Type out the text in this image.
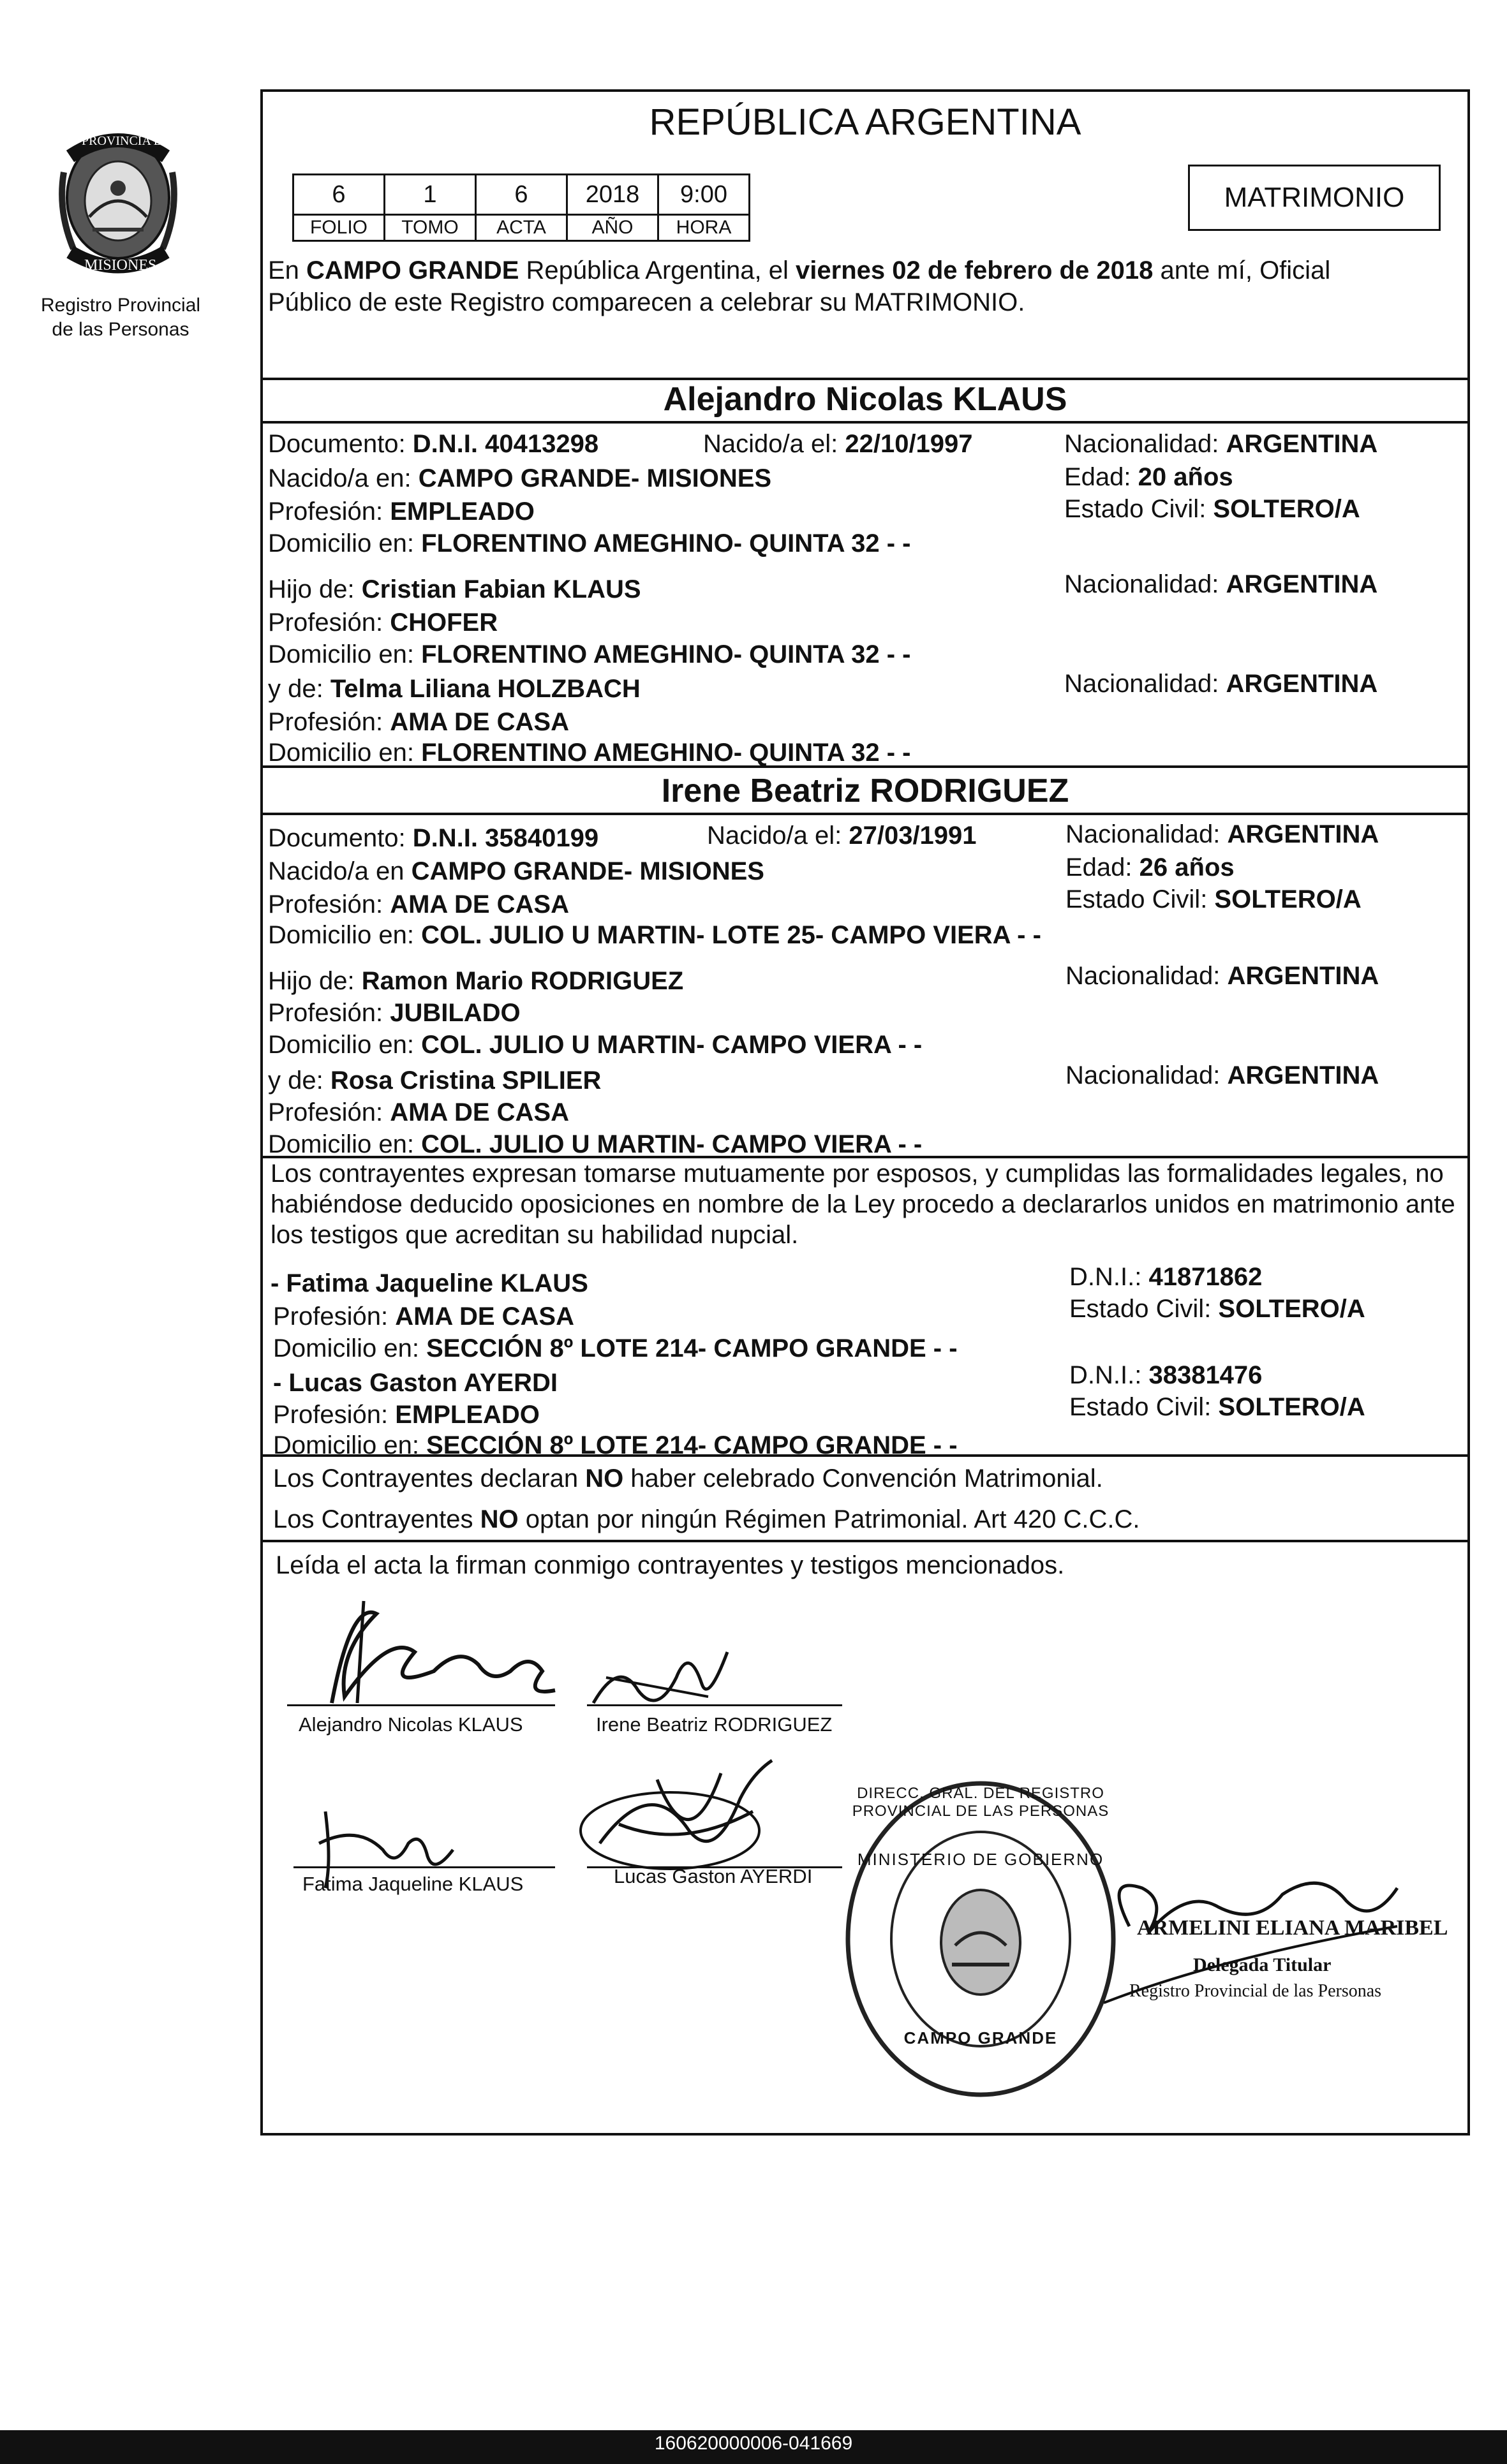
PROVINCIA DE
MISIONES
Registro Provincial
de las Personas
REPÚBLICA ARGENTINA
6	1	6	2018	9:00
FOLIO	TOMO	ACTA	AÑO	HORA
MATRIMONIO
En CAMPO GRANDE República Argentina, el viernes 02 de febrero de 2018 ante mí, Oficial
Público de este Registro comparecen a celebrar su MATRIMONIO.
Alejandro Nicolas KLAUS
Documento: D.N.I. 40413298	Nacido/a el: 22/10/1997	Nacionalidad: ARGENTINA
Nacido/a en: CAMPO GRANDE- MISIONES	Edad: 20 años
Profesión: EMPLEADO	Estado Civil: SOLTERO/A
Domicilio en: FLORENTINO AMEGHINO- QUINTA 32 - -
Hijo de: Cristian Fabian KLAUS	Nacionalidad: ARGENTINA
Profesión: CHOFER
Domicilio en: FLORENTINO AMEGHINO- QUINTA 32 - -
y de: Telma Liliana HOLZBACH	Nacionalidad: ARGENTINA
Profesión: AMA DE CASA
Domicilio en: FLORENTINO AMEGHINO- QUINTA 32 - -
Irene Beatriz RODRIGUEZ
Documento: D.N.I. 35840199	Nacido/a el: 27/03/1991	Nacionalidad: ARGENTINA
Nacido/a en CAMPO GRANDE- MISIONES	Edad: 26 años
Profesión: AMA DE CASA	Estado Civil: SOLTERO/A
Domicilio en: COL. JULIO U MARTIN- LOTE 25- CAMPO VIERA - -
Hijo de: Ramon Mario RODRIGUEZ	Nacionalidad: ARGENTINA
Profesión: JUBILADO
Domicilio en: COL. JULIO U MARTIN- CAMPO VIERA - -
y de: Rosa Cristina SPILIER	Nacionalidad: ARGENTINA
Profesión: AMA DE CASA
Domicilio en: COL. JULIO U MARTIN- CAMPO VIERA - -
Los contrayentes expresan tomarse mutuamente por esposos, y cumplidas las formalidades legales, no
habiéndose deducido oposiciones en nombre de la Ley procedo a declararlos unidos en matrimonio ante
los testigos que acreditan su habilidad nupcial.
- Fatima Jaqueline KLAUS	D.N.I.: 41871862
Estado Civil: SOLTERO/A
Profesión: AMA DE CASA
Domicilio en: SECCIÓN 8º LOTE 214- CAMPO GRANDE - -
- Lucas Gaston AYERDI	D.N.I.: 38381476
Estado Civil: SOLTERO/A
Profesión: EMPLEADO
Domicilio en: SECCIÓN 8º LOTE 214- CAMPO GRANDE - -
Los Contrayentes declaran NO haber celebrado Convención Matrimonial.
Los Contrayentes NO optan por ningún Régimen Patrimonial. Art 420 C.C.C.
Leída el acta la firman conmigo contrayentes y testigos mencionados.
Alejandro Nicolas KLAUS	Irene Beatriz RODRIGUEZ
Fatima Jaqueline KLAUS	Lucas Gaston AYERDI
DIRECC. GRAL. DEL REGISTRO PROVINCIAL DE LAS PERSONAS
MINISTERIO DE GOBIERNO
CAMPO GRANDE
ARMELINI ELIANA MARIBEL
Delegada Titular
Registro Provincial de las Personas
160620000006-041669
